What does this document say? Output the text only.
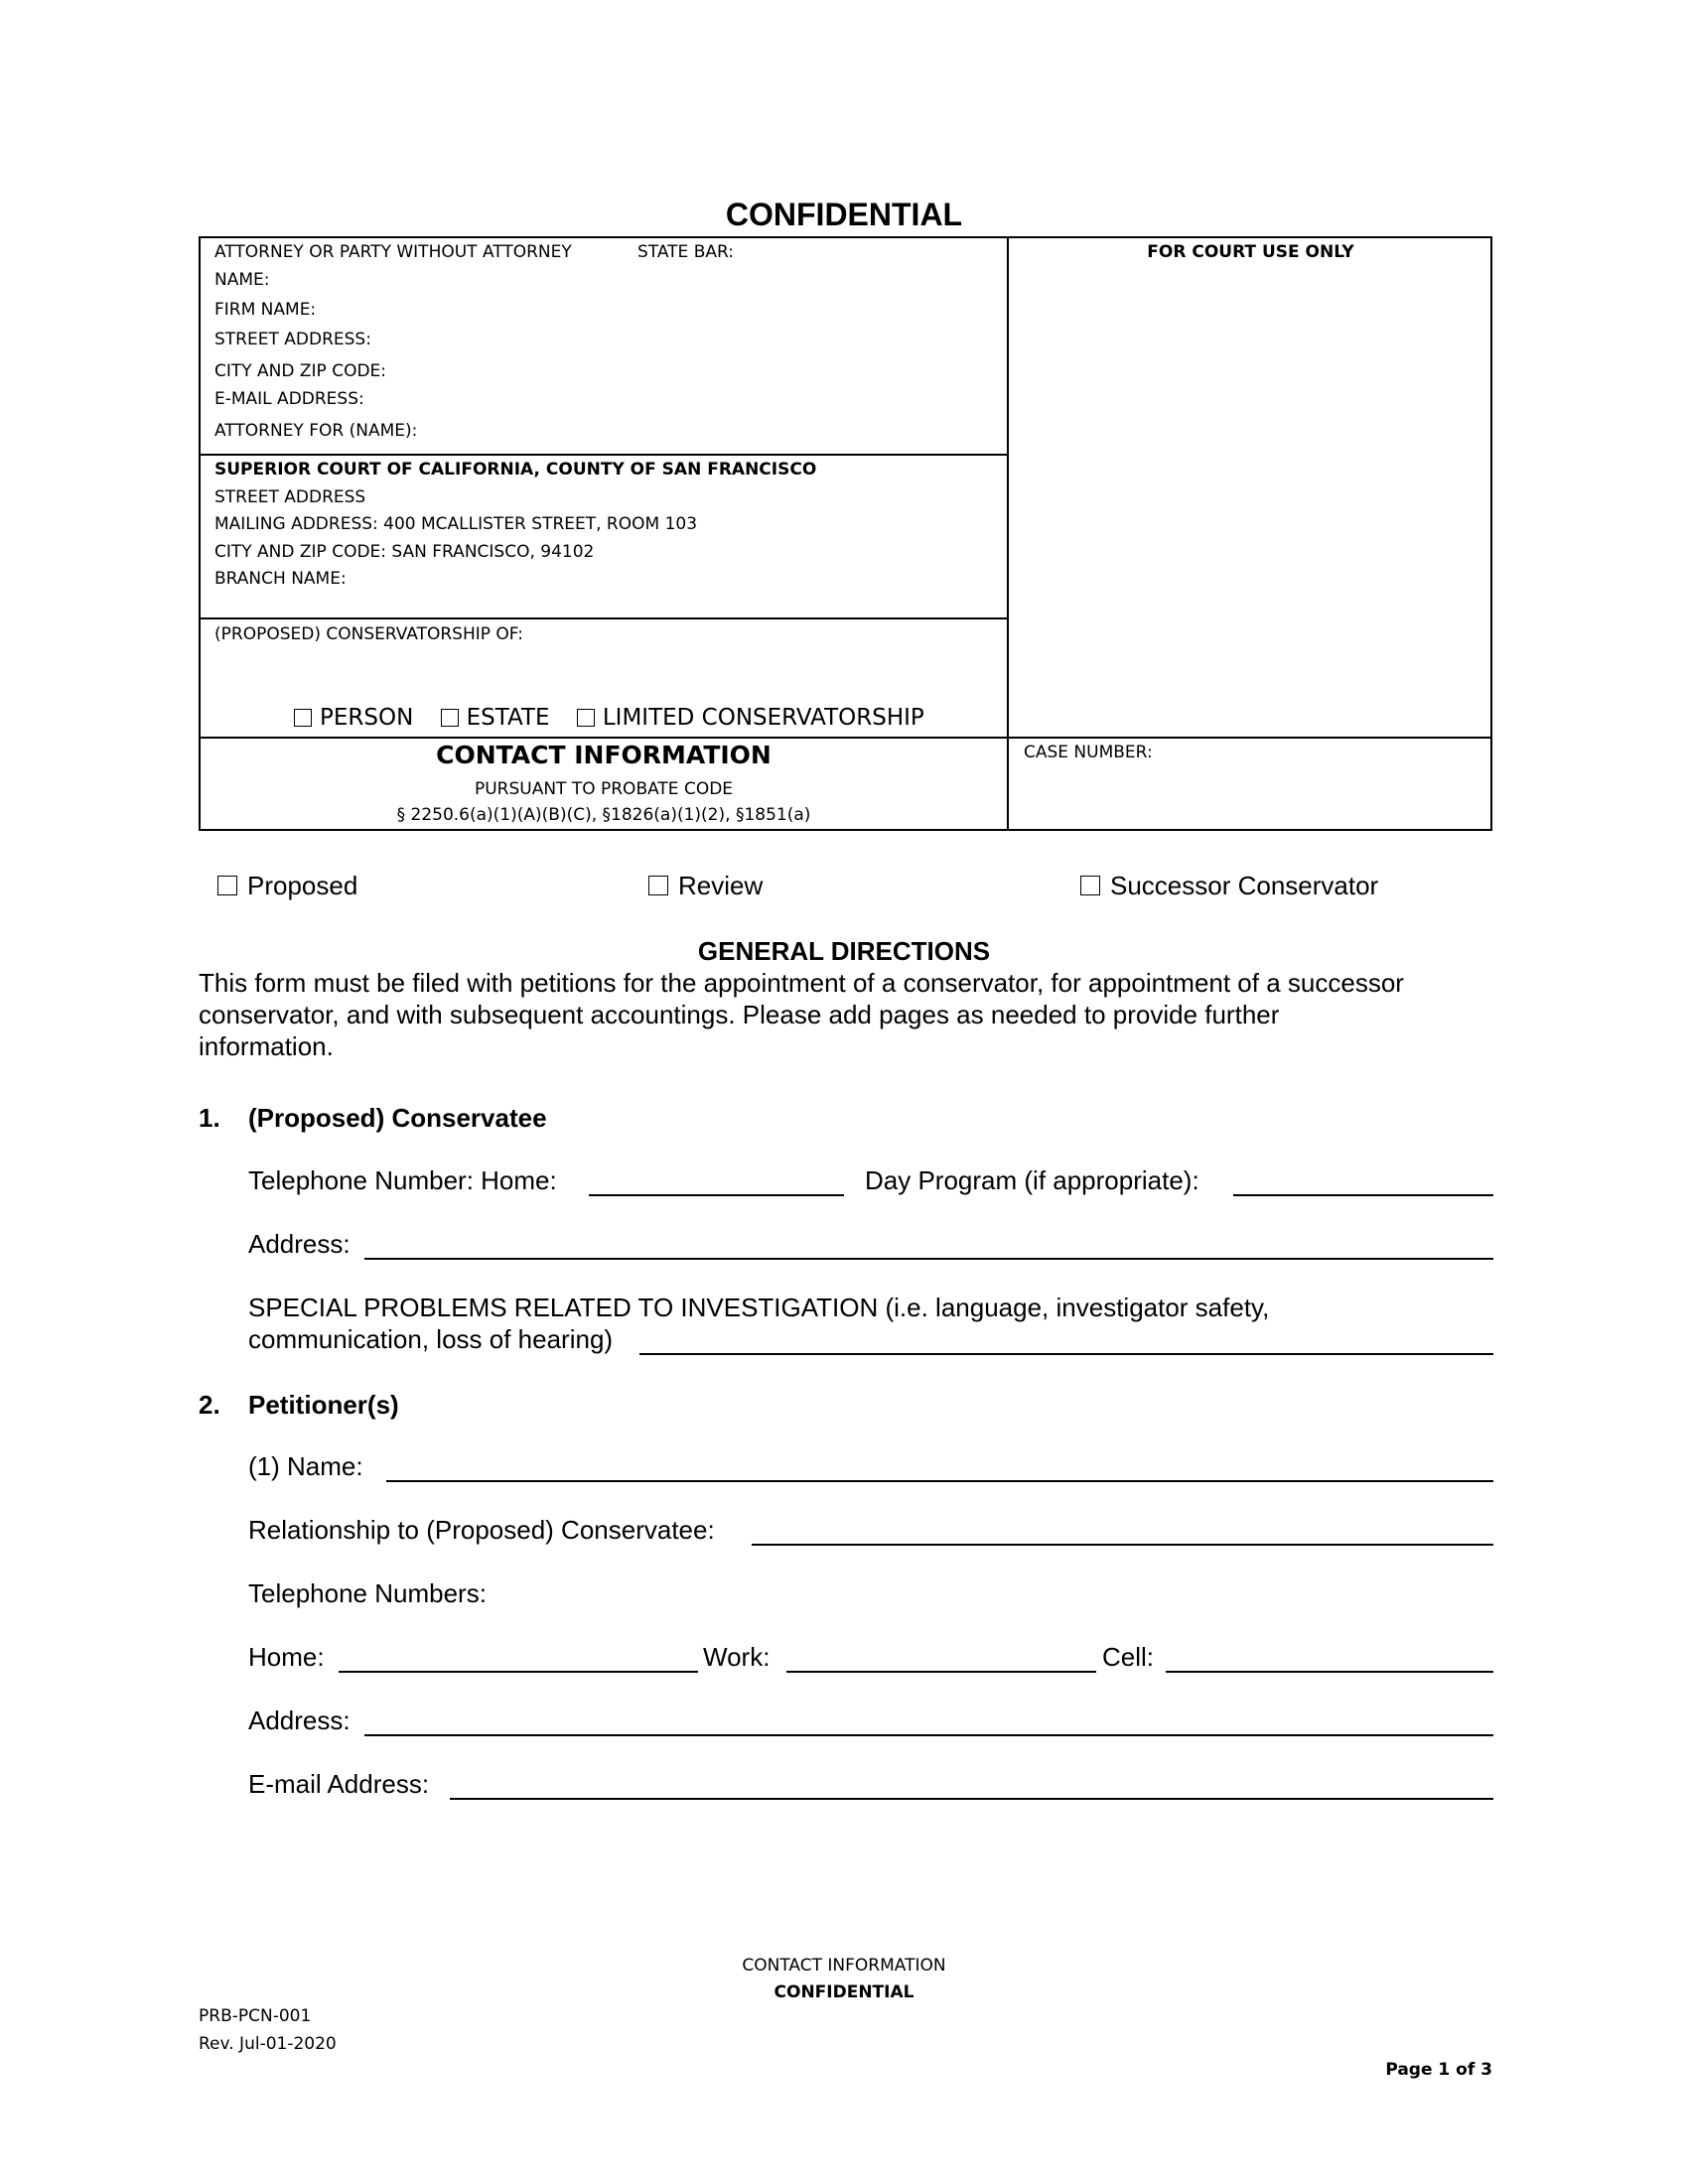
CONFIDENTIAL
ATTORNEY OR PARTY WITHOUT ATTORNEY	STATE BAR:
NAME:
FIRM NAME:
STREET ADDRESS:
CITY AND ZIP CODE:
E-MAIL ADDRESS:
ATTORNEY FOR (NAME):
FOR COURT USE ONLY
SUPERIOR COURT OF CALIFORNIA, COUNTY OF SAN FRANCISCO
STREET ADDRESS
MAILING ADDRESS: 400 MCALLISTER STREET, ROOM 103
CITY AND ZIP CODE: SAN FRANCISCO, 94102
BRANCH NAME:
(PROPOSED) CONSERVATORSHIP OF:
PERSON ESTATE LIMITED CONSERVATORSHIP
CONTACT INFORMATION
PURSUANT TO PROBATE CODE
§ 2250.6(a)(1)(A)(B)(C), §1826(a)(1)(2), §1851(a)
CASE NUMBER:
Proposed	Review	Successor Conservator
GENERAL DIRECTIONS
This form must be filed with petitions for the appointment of a conservator, for appointment of a successor
conservator, and with subsequent accountings. Please add pages as needed to provide further
information.
1. (Proposed) Conservatee
Telephone Number: Home:	Day Program (if appropriate):
Address:
SPECIAL PROBLEMS RELATED TO INVESTIGATION (i.e. language, investigator safety,
communication, loss of hearing)
2. Petitioner(s)
(1) Name:
Relationship to (Proposed) Conservatee:
Telephone Numbers:
Home:	Work:	Cell:
Address:
E-mail Address:
CONTACT INFORMATION
CONFIDENTIAL
PRB-PCN-001
Rev. Jul-01-2020
Page 1 of 3
